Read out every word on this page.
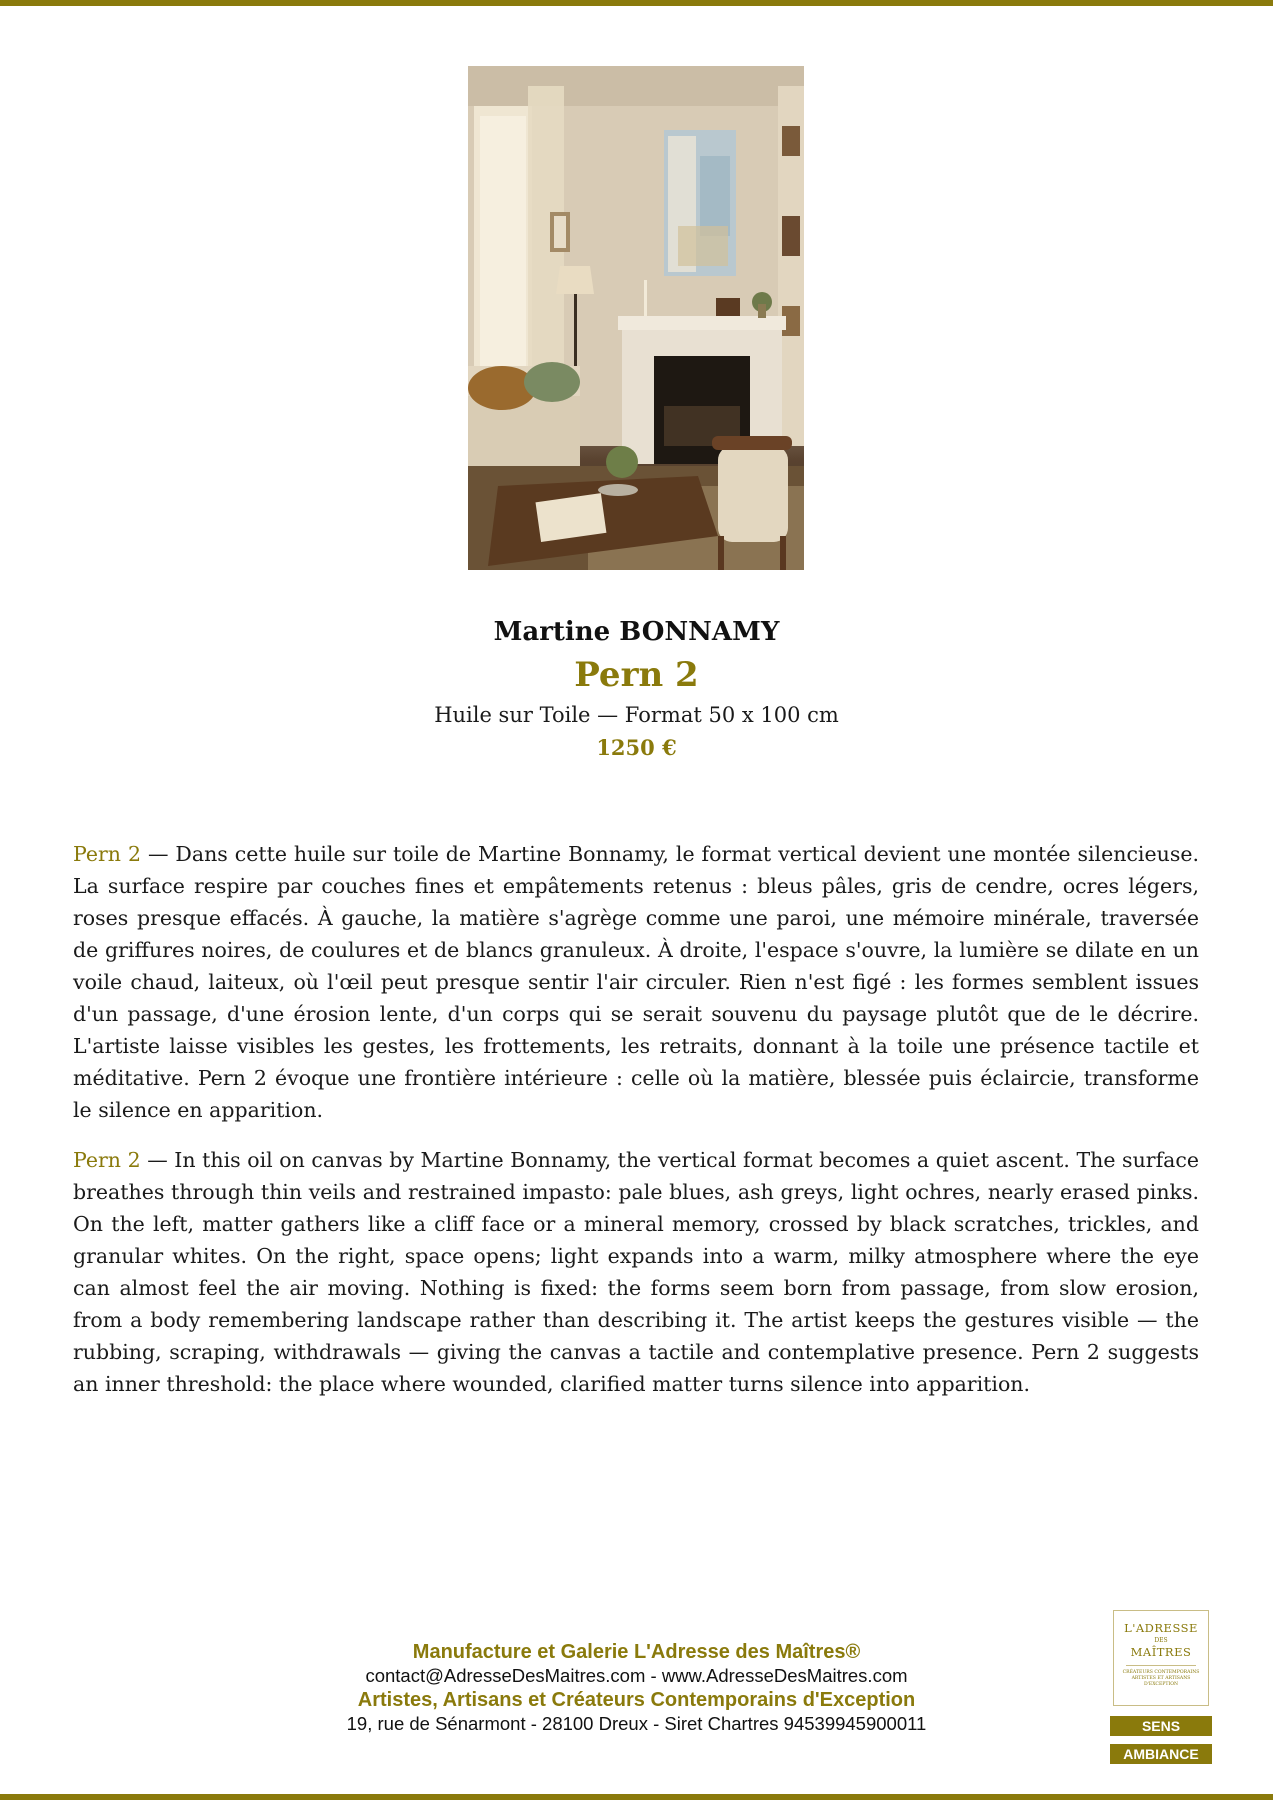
Martine BONNAMY

Pern 2

Huile sur Toile — Format 50 x 100 cm

1250 €

Pern 2 — Dans cette huile sur toile de Martine Bonnamy, le format vertical devient une montée silencieuse. La surface respire par couches fines et empâtements retenus : bleus pâles, gris de cendre, ocres légers, roses presque effacés. À gauche, la matière s'agrège comme une paroi, une mémoire minérale, traversée de griffures noires, de coulures et de blancs granuleux. À droite, l'espace s'ouvre, la lumière se dilate en un voile chaud, laiteux, où l'œil peut presque sentir l'air circuler. Rien n'est figé : les formes semblent issues d'un passage, d'une érosion lente, d'un corps qui se serait souvenu du paysage plutôt que de le décrire. L'artiste laisse visibles les gestes, les frottements, les retraits, donnant à la toile une présence tactile et méditative. Pern 2 évoque une frontière intérieure : celle où la matière, blessée puis éclaircie, transforme le silence en apparition.

Pern 2 — In this oil on canvas by Martine Bonnamy, the vertical format becomes a quiet ascent. The surface breathes through thin veils and restrained impasto: pale blues, ash greys, light ochres, nearly erased pinks. On the left, matter gathers like a cliff face or a mineral memory, crossed by black scratches, trickles, and granular whites. On the right, space opens; light expands into a warm, milky atmosphere where the eye can almost feel the air moving. Nothing is fixed: the forms seem born from passage, from slow erosion, from a body remembering landscape rather than describing it. The artist keeps the gestures visible — the rubbing, scraping, withdrawals — giving the canvas a tactile and contemplative presence. Pern 2 suggests an inner threshold: the place where wounded, clarified matter turns silence into apparition.

Manufacture et Galerie L'Adresse des Maîtres®

contact@AdresseDesMaitres.com - www.AdresseDesMaitres.com

Artistes, Artisans et Créateurs Contemporains d'Exception

19, rue de Sénarmont - 28100 Dreux - Siret Chartres 94539945900011

L'ADRESSE
DES
MAÎTRES
CRÉATEURS CONTEMPORAINS ARTISTES ET ARTISANS D'EXCEPTION
SENS
AMBIANCE
